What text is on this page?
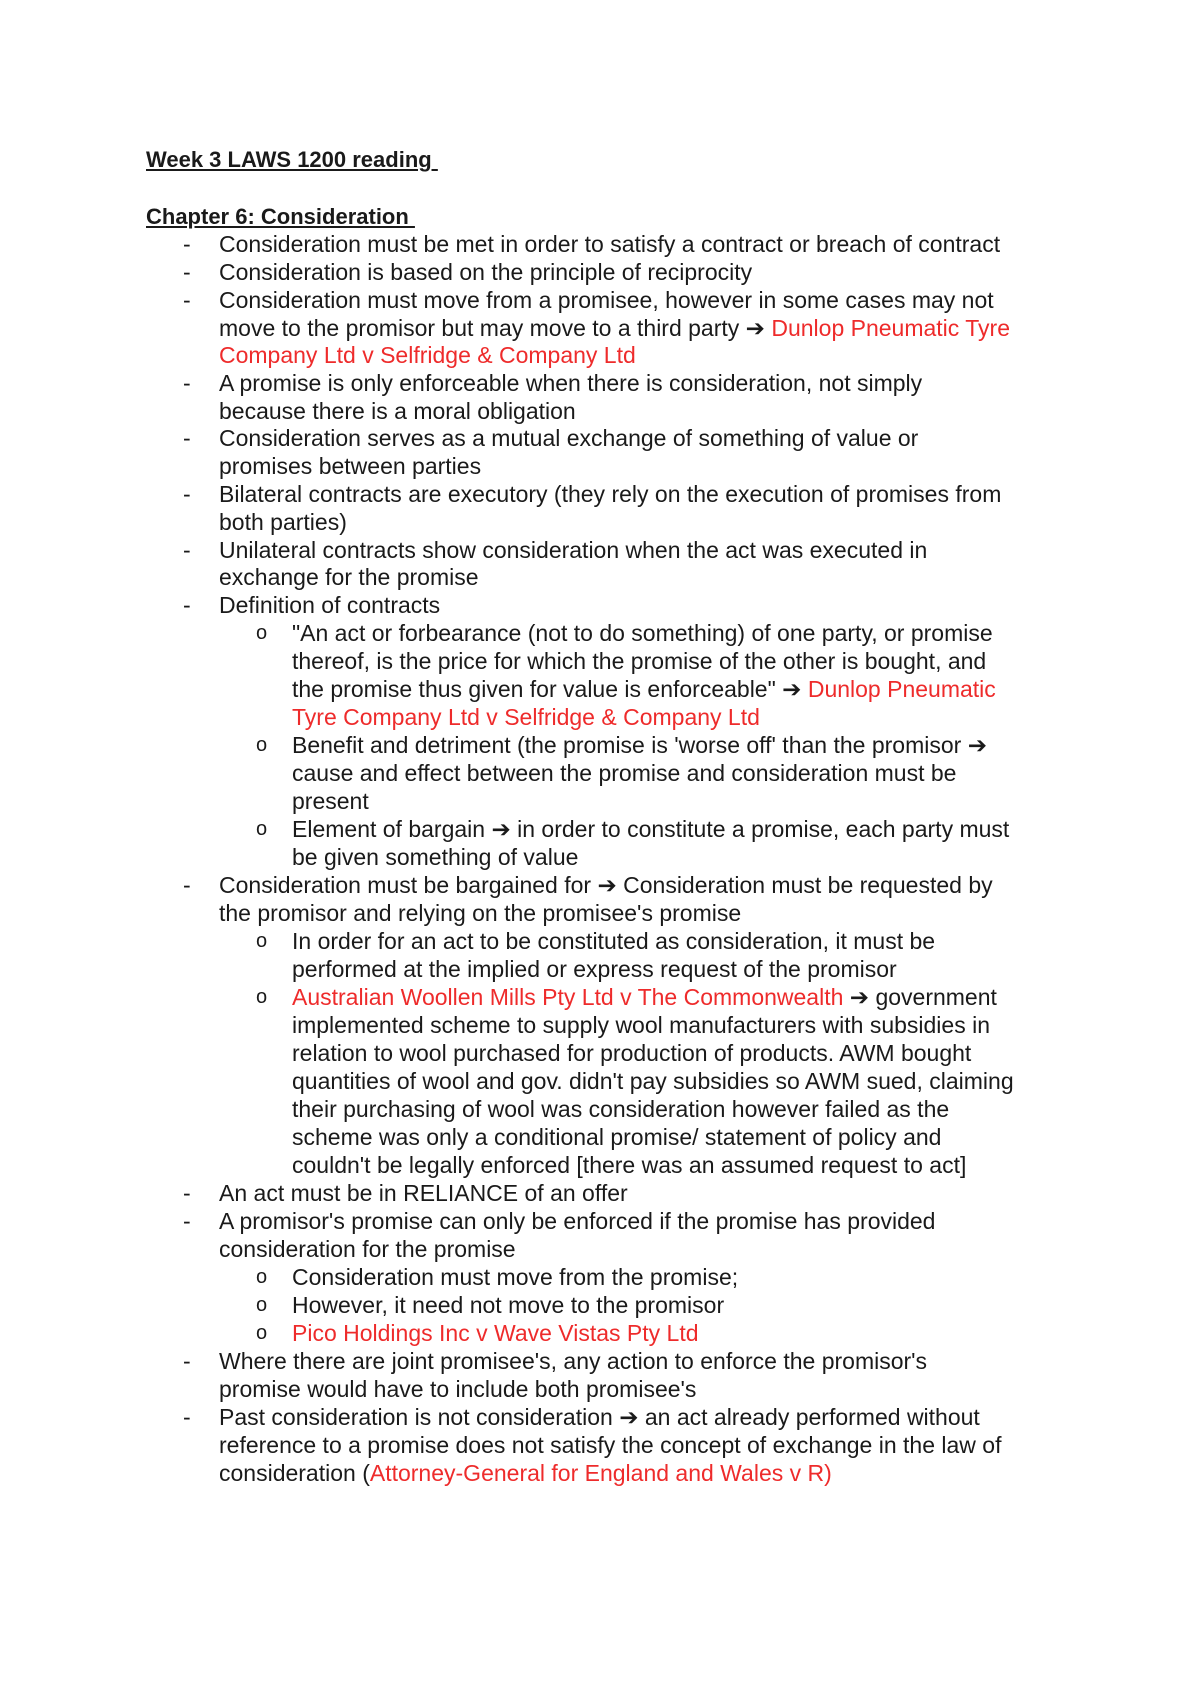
Week 3 LAWS 1200 reading
Chapter 6: Consideration
- Consideration must be met in order to satisfy a contract or breach of contract
- Consideration is based on the principle of reciprocity
- Consideration must move from a promisee, however in some cases may not
move to the promisor but may move to a third party ➔ Dunlop Pneumatic Tyre
Company Ltd v Selfridge & Company Ltd
- A promise is only enforceable when there is consideration, not simply
because there is a moral obligation
- Consideration serves as a mutual exchange of something of value or
promises between parties
- Bilateral contracts are executory (they rely on the execution of promises from
both parties)
- Unilateral contracts show consideration when the act was executed in
exchange for the promise
- Definition of contracts
o "An act or forbearance (not to do something) of one party, or promise
thereof, is the price for which the promise of the other is bought, and
the promise thus given for value is enforceable" ➔ Dunlop Pneumatic
Tyre Company Ltd v Selfridge & Company Ltd
o Benefit and detriment (the promise is 'worse off' than the promisor ➔
cause and effect between the promise and consideration must be
present
o Element of bargain ➔ in order to constitute a promise, each party must
be given something of value
- Consideration must be bargained for ➔ Consideration must be requested by
the promisor and relying on the promisee's promise
o In order for an act to be constituted as consideration, it must be
performed at the implied or express request of the promisor
o Australian Woollen Mills Pty Ltd v The Commonwealth ➔ government
implemented scheme to supply wool manufacturers with subsidies in
relation to wool purchased for production of products. AWM bought
quantities of wool and gov. didn't pay subsidies so AWM sued, claiming
their purchasing of wool was consideration however failed as the
scheme was only a conditional promise/ statement of policy and
couldn't be legally enforced [there was an assumed request to act]
- An act must be in RELIANCE of an offer
- A promisor's promise can only be enforced if the promise has provided
consideration for the promise
o Consideration must move from the promise;
o However, it need not move to the promisor
o Pico Holdings Inc v Wave Vistas Pty Ltd
- Where there are joint promisee's, any action to enforce the promisor's
promise would have to include both promisee's
- Past consideration is not consideration ➔ an act already performed without
reference to a promise does not satisfy the concept of exchange in the law of
consideration (Attorney-General for England and Wales v R)
